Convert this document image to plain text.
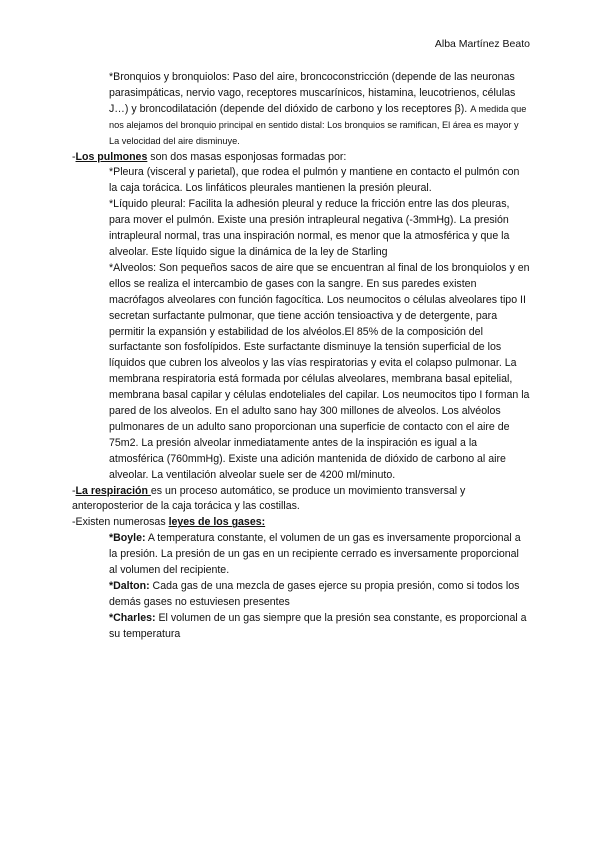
Alba Martínez Beato

*Bronquios y bronquiolos: Paso del aire, broncoconstricción (depende de las neuronas parasimpáticas, nervio vago, receptores muscarínicos, histamina, leucotrienos, células J…) y broncodilatación (depende del dióxido de carbono y los receptores β). A medida que nos alejamos del bronquio principal en sentido distal: Los bronquios se ramifican, El área es mayor y La velocidad del aire disminuye.

-Los pulmones son dos masas esponjosas formadas por:

*Pleura (visceral y parietal), que rodea el pulmón y mantiene en contacto el pulmón con la caja torácica. Los linfáticos pleurales mantienen la presión pleural.

*Líquido pleural: Facilita la adhesión pleural y reduce la fricción entre las dos pleuras, para mover el pulmón. Existe una presión intrapleural negativa (-3mmHg). La presión intrapleural normal, tras una inspiración normal, es menor que la atmosférica y que la alveolar. Este líquido sigue la dinámica de la ley de Starling

*Alveolos: Son pequeños sacos de aire que se encuentran al final de los bronquiolos y en ellos se realiza el intercambio de gases con la sangre. En sus paredes existen macrófagos alveolares con función fagocítica. Los neumocitos o células alveolares tipo II secretan surfactante pulmonar, que tiene acción tensioactiva y de detergente, para permitir la expansión y estabilidad de los alvéolos.El 85% de la composición del surfactante son fosfolípidos. Este surfactante disminuye la tensión superficial de los líquidos que cubren los alveolos y las vías respiratorias y evita el colapso pulmonar. La membrana respiratoria está formada por células alveolares, membrana basal epitelial, membrana basal capilar y células endoteliales del capilar. Los neumocitos tipo I forman la pared de los alveolos. En el adulto sano hay 300 millones de alveolos. Los alvéolos pulmonares de un adulto sano proporcionan una superficie de contacto con el aire de 75m2. La presión alveolar inmediatamente antes de la inspiración es igual a la atmosférica (760mmHg). Existe una adición mantenida de dióxido de carbono al aire alveolar. La ventilación alveolar suele ser de 4200 ml/minuto.

-La respiración es un proceso automático, se produce un movimiento transversal y anteroposterior de la caja torácica y las costillas.

-Existen numerosas leyes de los gases:

*Boyle: A temperatura constante, el volumen de un gas es inversamente proporcional a la presión. La presión de un gas en un recipiente cerrado es inversamente proporcional al volumen del recipiente.

*Dalton: Cada gas de una mezcla de gases ejerce su propia presión, como si todos los demás gases no estuviesen presentes

*Charles: El volumen de un gas siempre que la presión sea constante, es proporcional a su temperatura
